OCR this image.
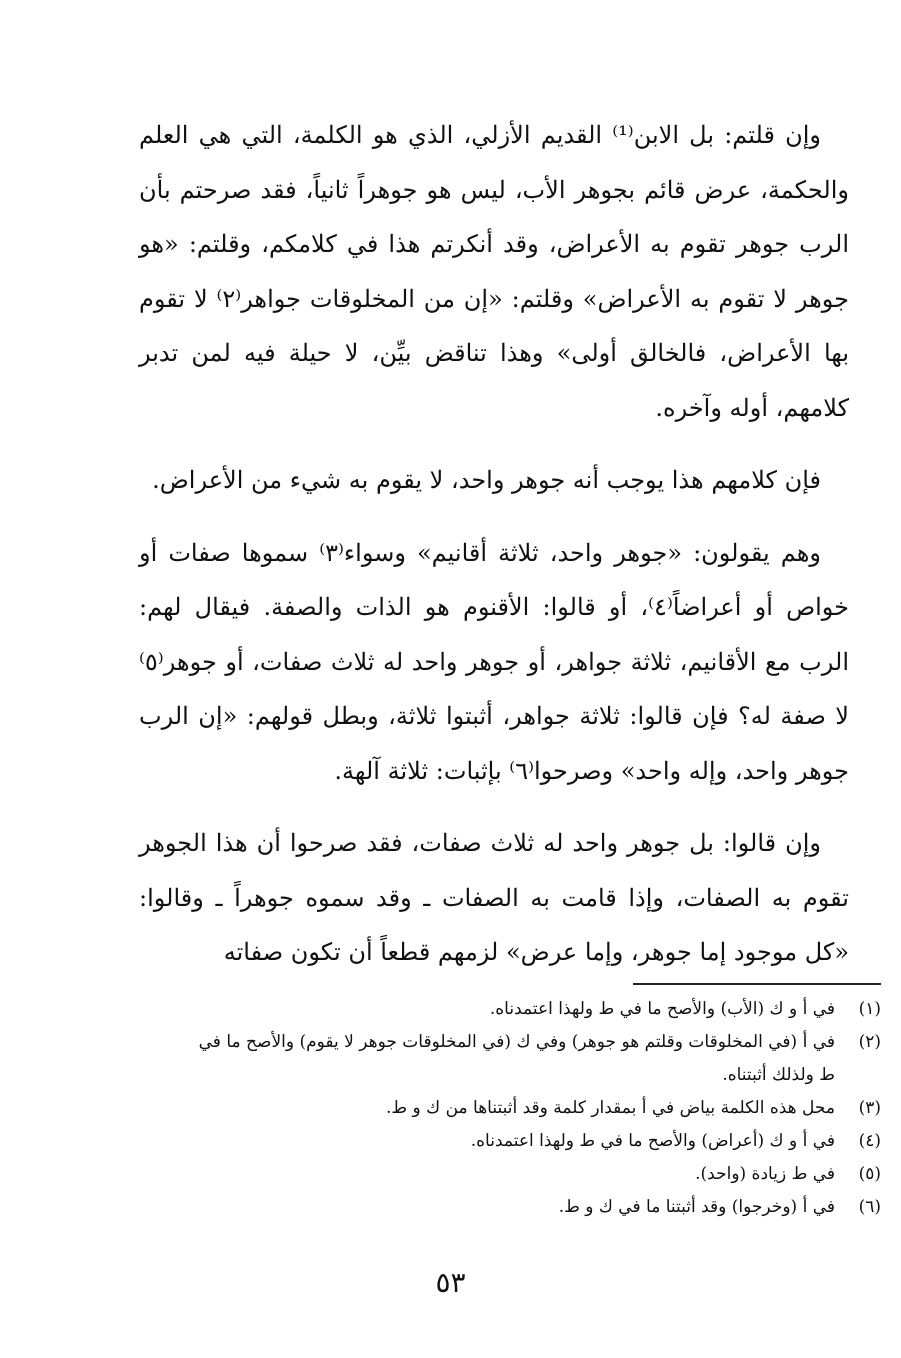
وإن قلتم: بل الابن⁽¹⁾ القديم الأزلي، الذي هو الكلمة، التي هي العلم والحكمة، عرض قائم بجوهر الأب، ليس هو جوهراً ثانياً، فقد صرحتم بأن الرب جوهر تقوم به الأعراض، وقد أنكرتم هذا في كلامكم، وقلتم: «هو جوهر لا تقوم به الأعراض» وقلتم: «إن من المخلوقات جواهر⁽٢⁾ لا تقوم بها الأعراض، فالخالق أولى» وهذا تناقض بيِّن، لا حيلة فيه لمن تدبر كلامهم، أوله وآخره.

فإن كلامهم هذا يوجب أنه جوهر واحد، لا يقوم به شيء من الأعراض.

وهم يقولون: «جوهر واحد، ثلاثة أقانيم» وسواء⁽٣⁾ سموها صفات أو خواص أو أعراضاً⁽٤⁾، أو قالوا: الأقنوم هو الذات والصفة. فيقال لهم: الرب مع الأقانيم، ثلاثة جواهر، أو جوهر واحد له ثلاث صفات، أو جوهر⁽٥⁾ لا صفة له؟ فإن قالوا: ثلاثة جواهر، أثبتوا ثلاثة، وبطل قولهم: «إن الرب جوهر واحد، وإله واحد» وصرحوا⁽٦⁾ بإثبات: ثلاثة آلهة.

وإن قالوا: بل جوهر واحد له ثلاث صفات، فقد صرحوا أن هذا الجوهر تقوم به الصفات، وإذا قامت به الصفات ـ وقد سموه جوهراً ـ وقالوا: «كل موجود إما جوهر، وإما عرض» لزمهم قطعاً أن تكون صفاته

(١)
في أ و ك (الأب) والأصح ما في ط ولهذا اعتمدناه.
(٢)
في أ (في المخلوقات وقلتم هو جوهر) وفي ك (في المخلوقات جوهر لا يقوم) والأصح ما في ط ولذلك أثبتناه.
(٣)
محل هذه الكلمة بياض في أ بمقدار كلمة وقد أثبتناها من ك و ط.
(٤)
في أ و ك (أعراض) والأصح ما في ط ولهذا اعتمدناه.
(٥)
في ط زيادة (واحد).
(٦)
في أ (وخرجوا) وقد أثبتنا ما في ك و ط.
٥٣
